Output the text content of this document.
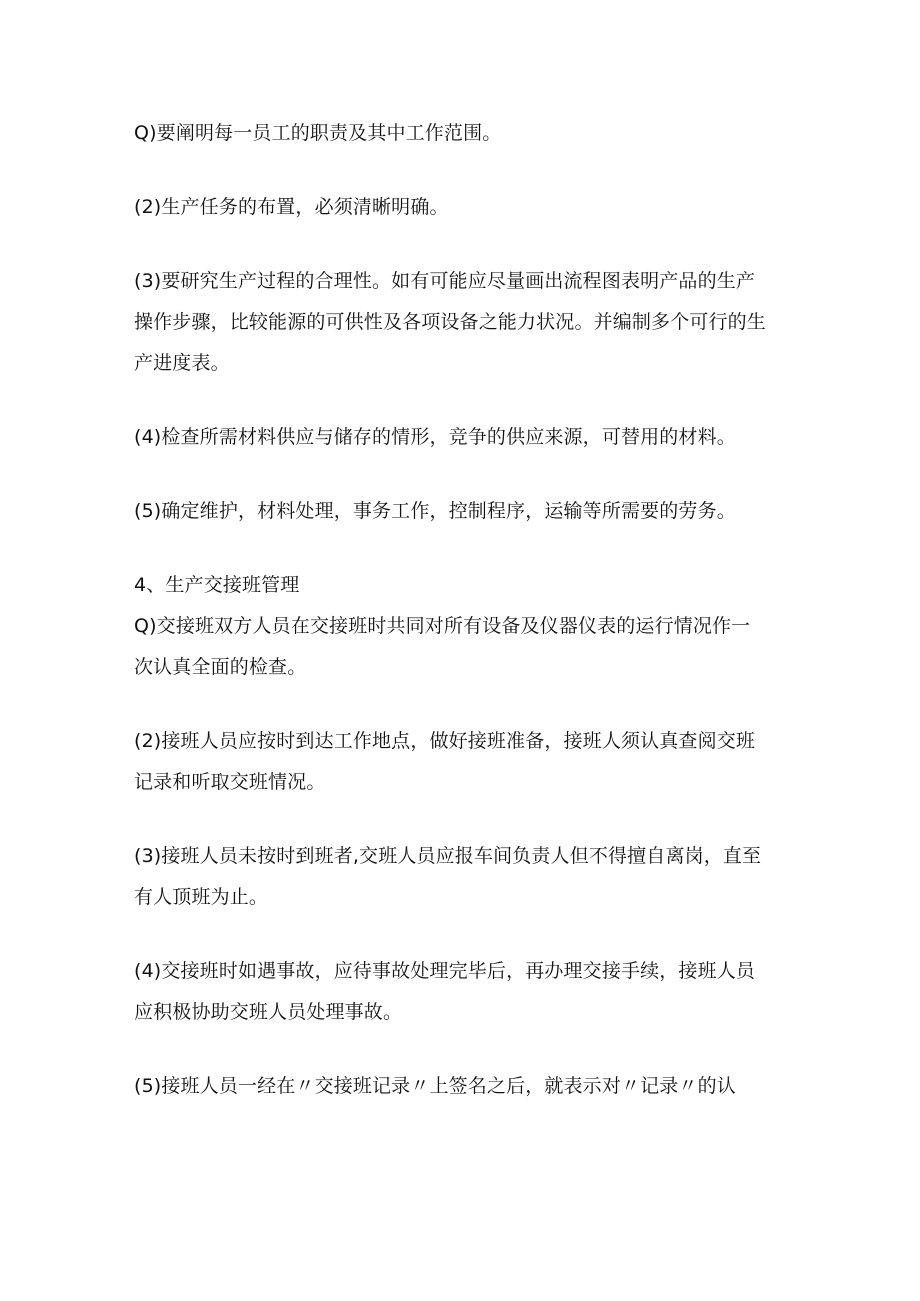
Q)要阐明每一员工的职责及其中工作范围。

(2)生产任务的布置，必须清晰明确。

(3)要研究生产过程的合理性。如有可能应尽量画出流程图表明产品的生产
操作步骤，比较能源的可供性及各项设备之能力状况。并编制多个可行的生
产进度表。

(4)检查所需材料供应与储存的情形，竞争的供应来源，可替用的材料。

(5)确定维护，材料处理，事务工作，控制程序，运输等所需要的劳务。

4、生产交接班管理

Q)交接班双方人员在交接班时共同对所有设备及仪器仪表的运行情况作一
次认真全面的检查。

(2)接班人员应按时到达工作地点，做好接班准备，接班人须认真查阅交班
记录和听取交班情况。

(3)接班人员未按时到班者,交班人员应报车间负责人但不得擅自离岗，直至
有人顶班为止。

(4)交接班时如遇事故，应待事故处理完毕后，再办理交接手续，接班人员
应积极协助交班人员处理事故。

(5)接班人员一经在〃交接班记录〃上签名之后，就表示对〃记录〃的认
